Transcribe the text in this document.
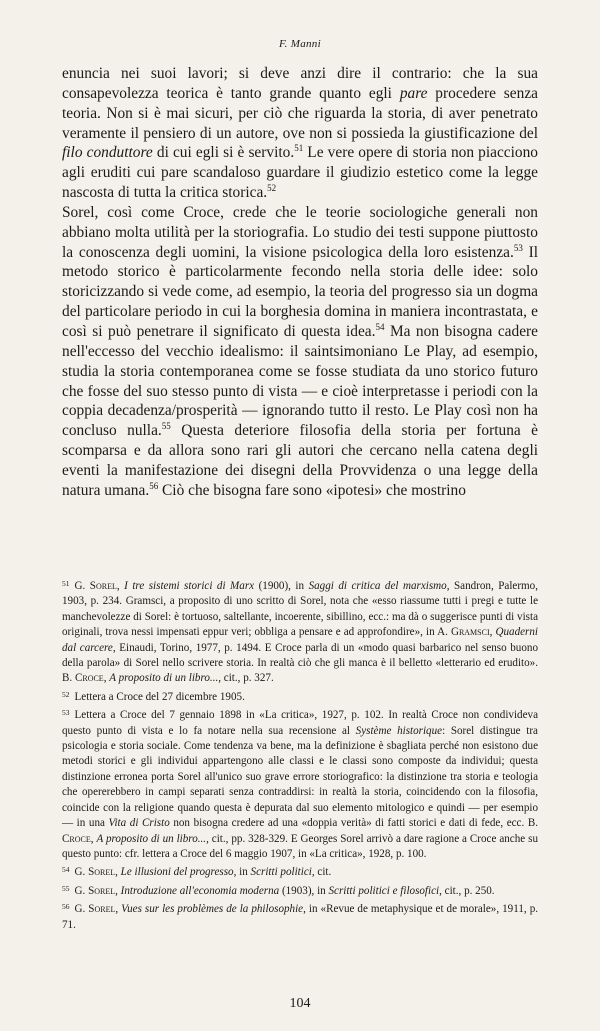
F. Manni

enuncia nei suoi lavori; si deve anzi dire il contrario: che la sua consapevolezza teorica è tanto grande quanto egli pare procedere senza teoria. Non si è mai sicuri, per ciò che riguarda la storia, di aver penetrato veramente il pensiero di un autore, ove non si possieda la giustificazione del filo conduttore di cui egli si è servito.$^{51}$ Le vere opere di storia non piacciono agli eruditi cui pare scandaloso guardare il giudizio estetico come la legge nascosta di tutta la critica storica.$^{52}$

Sorel, così come Croce, crede che le teorie sociologiche generali non abbiano molta utilità per la storiografia. Lo studio dei testi suppone piuttosto la conoscenza degli uomini, la visione psicologica della loro esistenza.$^{53}$ Il metodo storico è particolarmente fecondo nella storia delle idee: solo storicizzando si vede come, ad esempio, la teoria del progresso sia un dogma del particolare periodo in cui la borghesia domina in maniera incontrastata, e così si può penetrare il significato di questa idea.$^{54}$ Ma non bisogna cadere nell'eccesso del vecchio idealismo: il saintsimoniano Le Play, ad esempio, studia la storia contemporanea come se fosse studiata da uno storico futuro che fosse del suo stesso punto di vista — e cioè interpretasse i periodi con la coppia decadenza/prosperità — ignorando tutto il resto. Le Play così non ha concluso nulla.$^{55}$ Questa deteriore filosofia della storia per fortuna è scomparsa e da allora sono rari gli autori che cercano nella catena degli eventi la manifestazione dei disegni della Provvidenza o una legge della natura umana.$^{56}$ Ciò che bisogna fare sono «ipotesi» che mostrino

$^{51}$ G. Sorel, I tre sistemi storici di Marx (1900), in Saggi di critica del marxismo, Sandron, Palermo, 1903, p. 234. Gramsci, a proposito di uno scritto di Sorel, nota che «esso riassume tutti i pregi e tutte le manchevolezze di Sorel: è tortuoso, saltellante, incoerente, sibillino, ecc.: ma dà o suggerisce punti di vista originali, trova nessi impensati eppur veri; obbliga a pensare e ad approfondire», in A. Gramsci, Quaderni dal carcere, Einaudi, Torino, 1977, p. 1494. E Croce parla di un «modo quasi barbarico nel senso buono della parola» di Sorel nello scrivere storia. In realtà ciò che gli manca è il belletto «letterario ed erudito». B. Croce, A proposito di un libro..., cit., p. 327.

$^{52}$ Lettera a Croce del 27 dicembre 1905.

$^{53}$ Lettera a Croce del 7 gennaio 1898 in «La critica», 1927, p. 102. In realtà Croce non condivideva questo punto di vista e lo fa notare nella sua recensione al Système historique: Sorel distingue tra psicologia e storia sociale. Come tendenza va bene, ma la definizione è sbagliata perché non esistono due metodi storici e gli individui appartengono alle classi e le classi sono composte da individui; questa distinzione erronea porta Sorel all'unico suo grave errore storiografico: la distinzione tra storia e teologia che opererebbero in campi separati senza contraddirsi: in realtà la storia, coincidendo con la filosofia, coincide con la religione quando questa è depurata dal suo elemento mitologico e quindi — per esempio — in una Vita di Cristo non bisogna credere ad una «doppia verità» di fatti storici e dati di fede, ecc. B. Croce, A proposito di un libro..., cit., pp. 328-329. E Georges Sorel arrivò a dare ragione a Croce anche su questo punto: cfr. lettera a Croce del 6 maggio 1907, in «La critica», 1928, p. 100.

$^{54}$ G. Sorel, Le illusioni del progresso, in Scritti politici, cit.

$^{55}$ G. Sorel, Introduzione all'economia moderna (1903), in Scritti politici e filosofici, cit., p. 250.

$^{56}$ G. Sorel, Vues sur les problèmes de la philosophie, in «Revue de metaphysique et de morale», 1911, p. 71.

104
